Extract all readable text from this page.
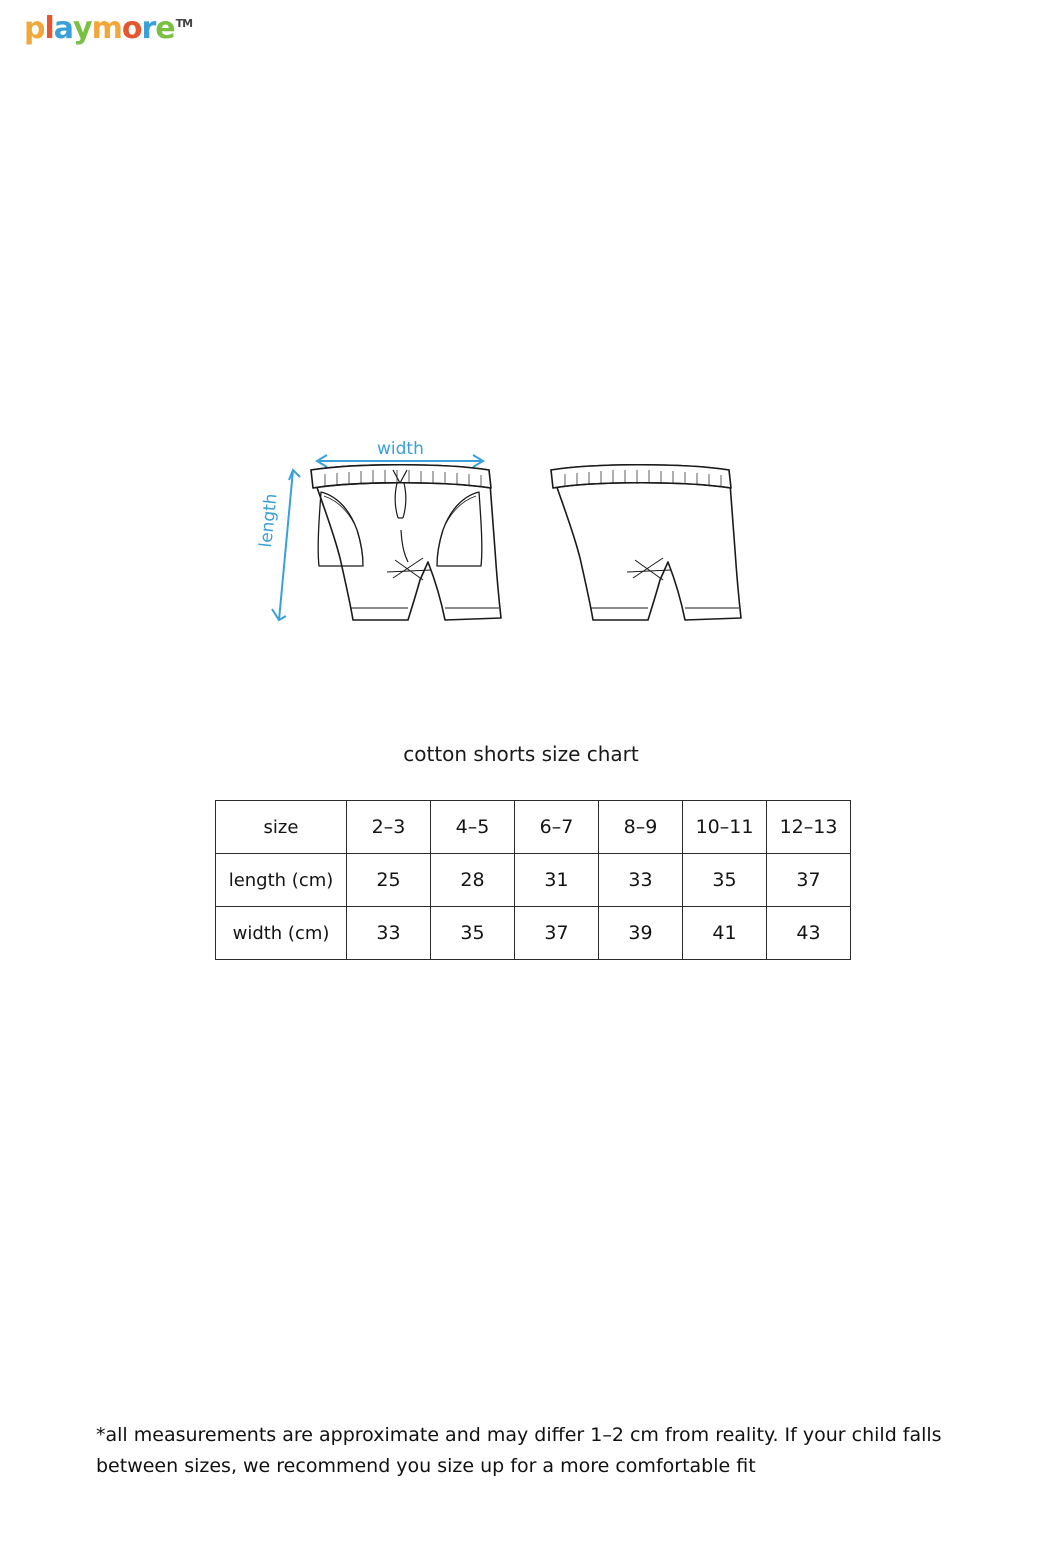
playmoreTM
width
length
cotton shorts size chart
size	2–3	4–5	6–7	8–9	10–11	12–13
length (cm)	25	28	31	33	35	37
width (cm)	33	35	37	39	41	43
*all measurements are approximate and may differ 1–2 cm from reality. If your child falls between sizes, we recommend you size up for a more comfortable fit
